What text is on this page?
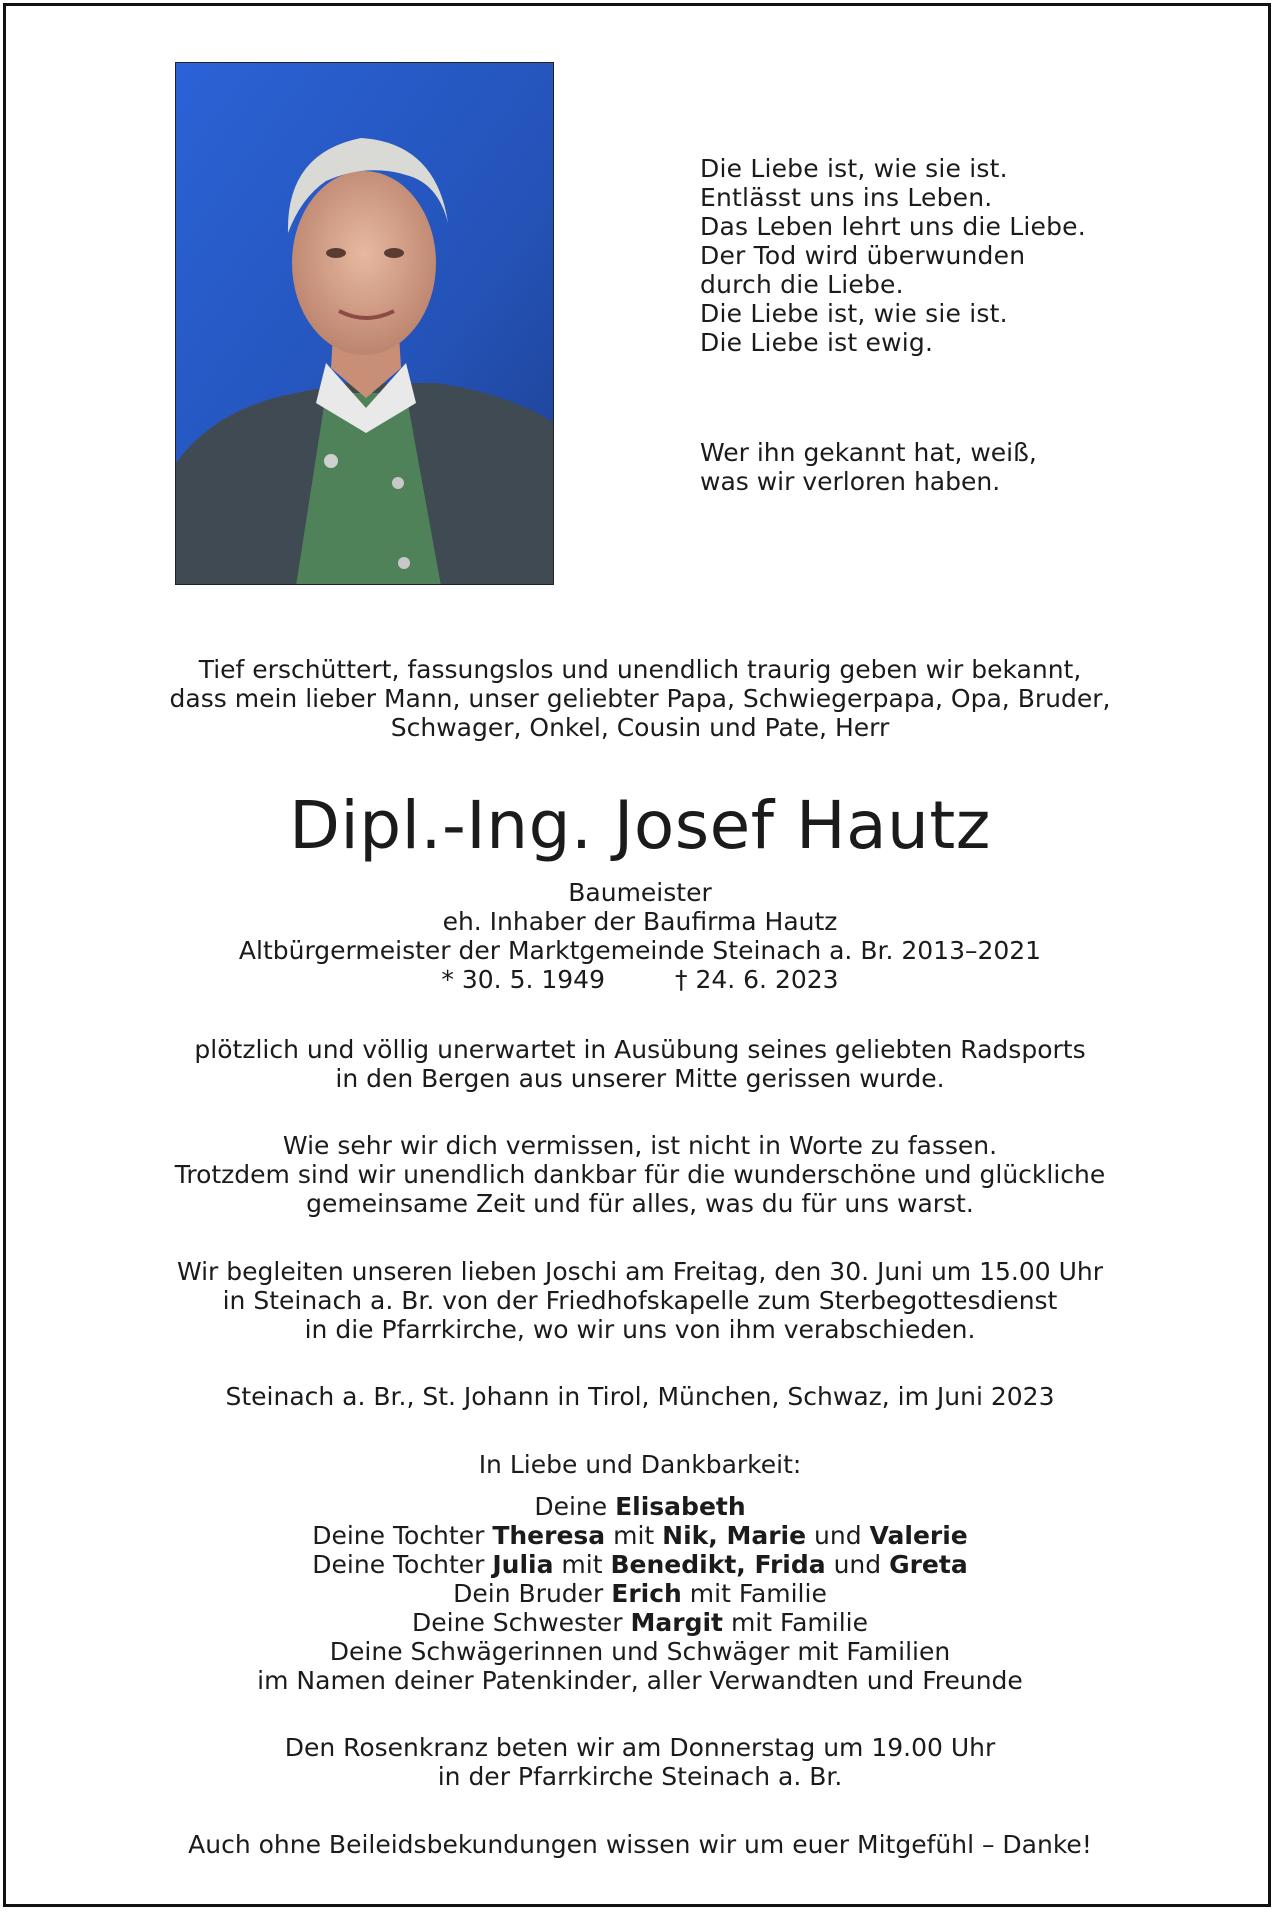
Die Liebe ist, wie sie ist.
Entlässt uns ins Leben.
Das Leben lehrt uns die Liebe.
Der Tod wird überwunden
durch die Liebe.
Die Liebe ist, wie sie ist.
Die Liebe ist ewig.
Wer ihn gekannt hat, weiß,
was wir verloren haben.
Tief erschüttert, fassungslos und unendlich traurig geben wir bekannt,
dass mein lieber Mann, unser geliebter Papa, Schwiegerpapa, Opa, Bruder,
Schwager, Onkel, Cousin und Pate, Herr
Dipl.-Ing. Josef Hautz
Baumeister
eh. Inhaber der Baufirma Hautz
Altbürgermeister der Marktgemeinde Steinach a. Br. 2013–2021
* 30. 5. 1949	† 24. 6. 2023
plötzlich und völlig unerwartet in Ausübung seines geliebten Radsports
in den Bergen aus unserer Mitte gerissen wurde.
Wie sehr wir dich vermissen, ist nicht in Worte zu fassen.
Trotzdem sind wir unendlich dankbar für die wunderschöne und glückliche
gemeinsame Zeit und für alles, was du für uns warst.
Wir begleiten unseren lieben Joschi am Freitag, den 30. Juni um 15.00 Uhr
in Steinach a. Br. von der Friedhofskapelle zum Sterbegottesdienst
in die Pfarrkirche, wo wir uns von ihm verabschieden.
Steinach a. Br., St. Johann in Tirol, München, Schwaz, im Juni 2023
In Liebe und Dankbarkeit:
Deine Elisabeth
Deine Tochter Theresa mit Nik, Marie und Valerie
Deine Tochter Julia mit Benedikt, Frida und Greta
Dein Bruder Erich mit Familie
Deine Schwester Margit mit Familie
Deine Schwägerinnen und Schwäger mit Familien
im Namen deiner Patenkinder, aller Verwandten und Freunde
Den Rosenkranz beten wir am Donnerstag um 19.00 Uhr
in der Pfarrkirche Steinach a. Br.
Auch ohne Beileidsbekundungen wissen wir um euer Mitgefühl – Danke!
